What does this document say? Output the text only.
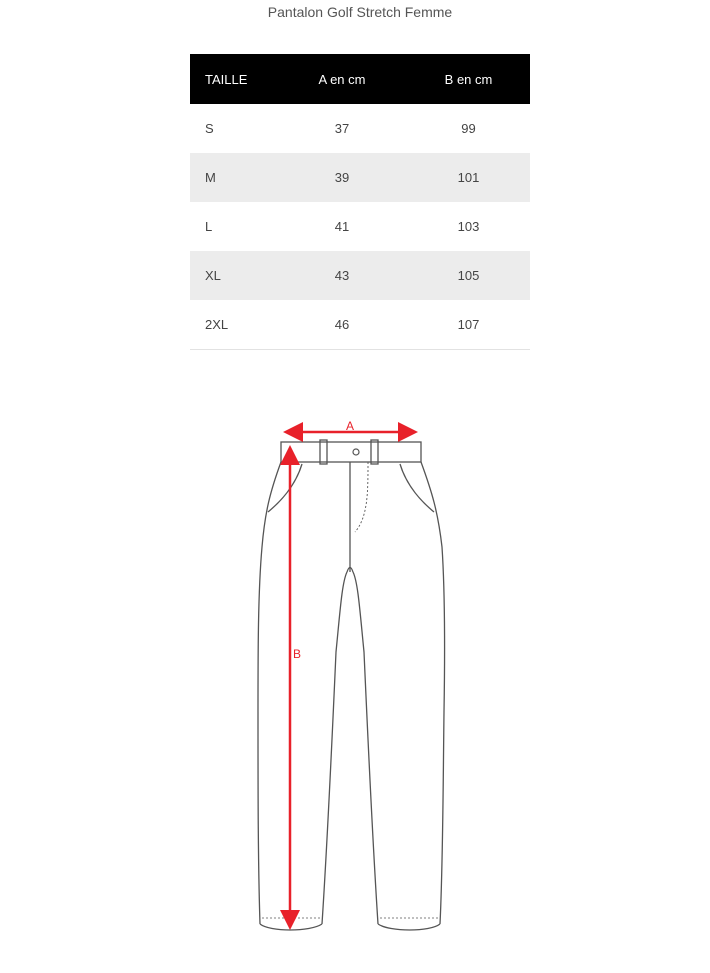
Pantalon Golf Stretch Femme
TAILLE	A en cm	B en cm
S	37	99
M	39	101
L	41	103
XL	43	105
2XL	46	107
A
B
